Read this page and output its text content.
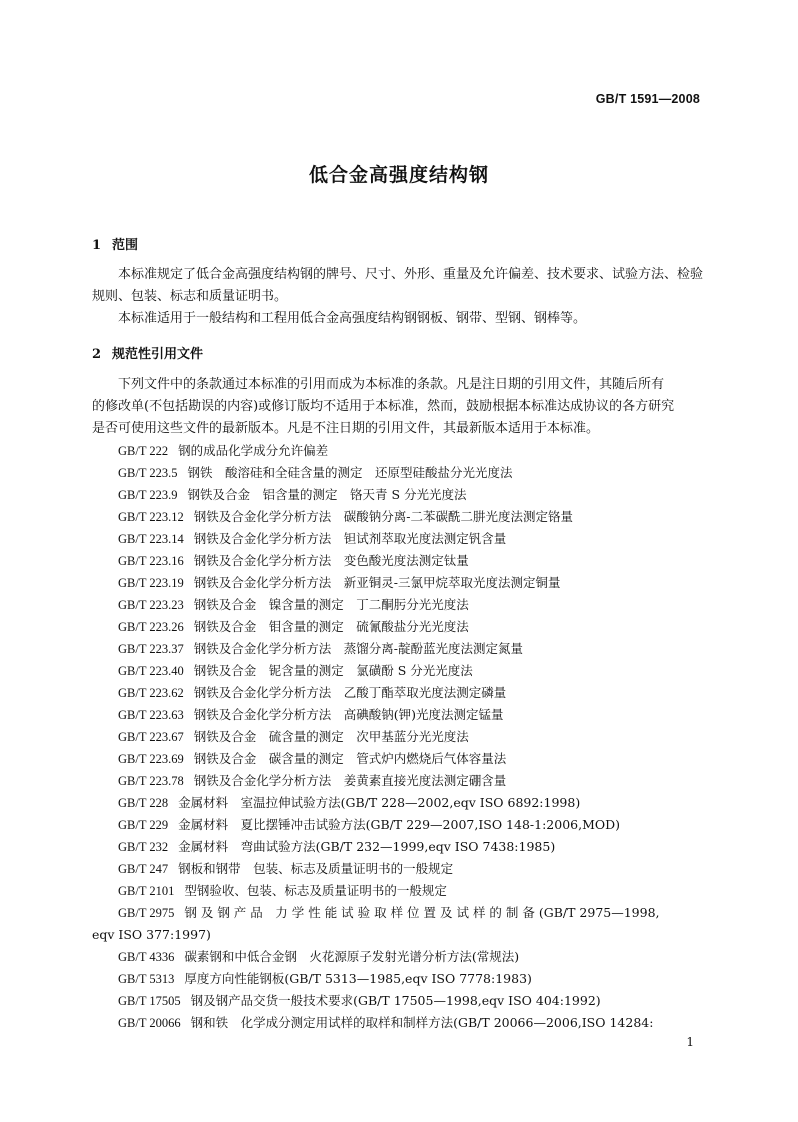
GB/T 1591—2008
低合金高强度结构钢
1 范围
本标准规定了低合金高强度结构钢的牌号、尺寸、外形、重量及允许偏差、技术要求、试验方法、检验
规则、包装、标志和质量证明书。
本标准适用于一般结构和工程用低合金高强度结构钢钢板、钢带、型钢、钢棒等。
2 规范性引用文件
下列文件中的条款通过本标准的引用而成为本标准的条款。凡是注日期的引用文件，其随后所有
的修改单(不包括勘误的内容)或修订版均不适用于本标准，然而，鼓励根据本标准达成协议的各方研究
是否可使用这些文件的最新版本。凡是不注日期的引用文件，其最新版本适用于本标准。
GB/T 222 钢的成品化学成分允许偏差
GB/T 223.5 钢铁　酸溶硅和全硅含量的测定　还原型硅酸盐分光光度法
GB/T 223.9 钢铁及合金　铝含量的测定　铬天青 S 分光光度法
GB/T 223.12 钢铁及合金化学分析方法　碳酸钠分离-二苯碳酰二肼光度法测定铬量
GB/T 223.14 钢铁及合金化学分析方法　钽试剂萃取光度法测定钒含量
GB/T 223.16 钢铁及合金化学分析方法　变色酸光度法测定钛量
GB/T 223.19 钢铁及合金化学分析方法　新亚铜灵-三氯甲烷萃取光度法测定铜量
GB/T 223.23 钢铁及合金　镍含量的测定　丁二酮肟分光光度法
GB/T 223.26 钢铁及合金　钼含量的测定　硫氰酸盐分光光度法
GB/T 223.37 钢铁及合金化学分析方法　蒸馏分离-靛酚蓝光度法测定氮量
GB/T 223.40 钢铁及合金　铌含量的测定　氯磺酚 S 分光光度法
GB/T 223.62 钢铁及合金化学分析方法　乙酸丁酯萃取光度法测定磷量
GB/T 223.63 钢铁及合金化学分析方法　高碘酸钠(钾)光度法测定锰量
GB/T 223.67 钢铁及合金　硫含量的测定　次甲基蓝分光光度法
GB/T 223.69 钢铁及合金　碳含量的测定　管式炉内燃烧后气体容量法
GB/T 223.78 钢铁及合金化学分析方法　姜黄素直接光度法测定硼含量
GB/T 228 金属材料　室温拉伸试验方法(GB/T 228—2002,eqv ISO 6892:1998)
GB/T 229 金属材料　夏比摆锤冲击试验方法(GB/T 229—2007,ISO 148-1:2006,MOD)
GB/T 232 金属材料　弯曲试验方法(GB/T 232—1999,eqv ISO 7438:1985)
GB/T 247 钢板和钢带　包装、标志及质量证明书的一般规定
GB/T 2101 型钢验收、包装、标志及质量证明书的一般规定
GB/T 2975 钢 及 钢 产 品　力 学 性 能 试 验 取 样 位 置 及 试 样 的 制 备 (GB/T 2975—1998,
eqv ISO 377:1997)
GB/T 4336 碳素钢和中低合金钢　火花源原子发射光谱分析方法(常规法)
GB/T 5313 厚度方向性能钢板(GB/T 5313—1985,eqv ISO 7778:1983)
GB/T 17505 钢及钢产品交货一般技术要求(GB/T 17505—1998,eqv ISO 404:1992)
GB/T 20066 钢和铁　化学成分测定用试样的取样和制样方法(GB/T 20066—2006,ISO 14284:
1
